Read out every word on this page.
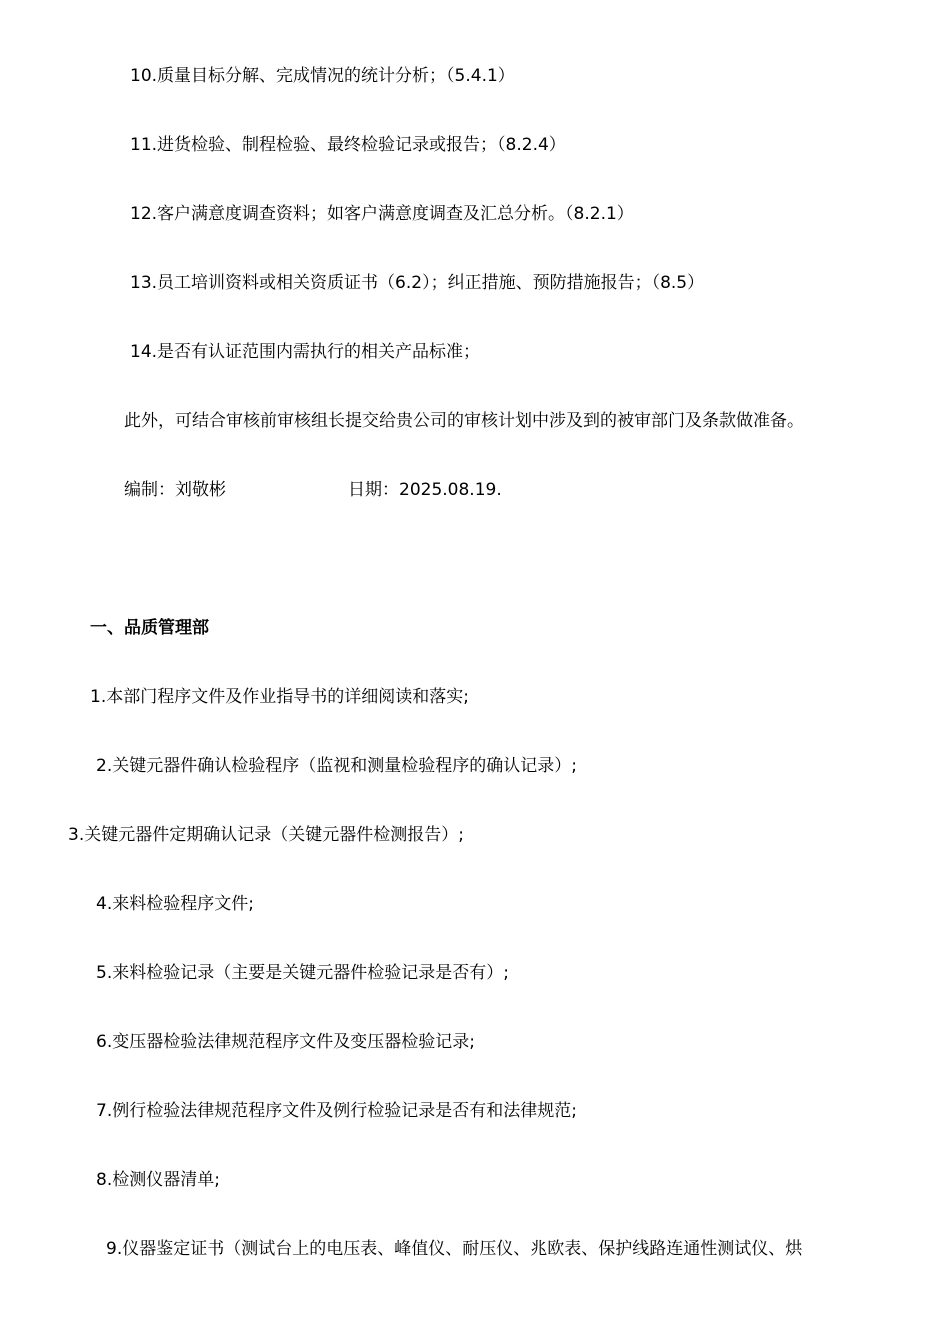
10.质量目标分解、完成情况的统计分析；（5.4.1）
11.进货检验、制程检验、最终检验记录或报告；（8.2.4）
12.客户满意度调查资料；如客户满意度调查及汇总分析。（8.2.1）
13.员工培训资料或相关资质证书（6.2）；纠正措施、预防措施报告；（8.5）
14.是否有认证范围内需执行的相关产品标准；
此外，可结合审核前审核组长提交给贵公司的审核计划中涉及到的被审部门及条款做准备。
编制：刘敬彬	日期：2025.08.19.
一、品质管理部
1.本部门程序文件及作业指导书的详细阅读和落实;
2.关键元器件确认检验程序（监视和测量检验程序的确认记录）;
3.关键元器件定期确认记录（关键元器件检测报告）;
4.来料检验程序文件;
5.来料检验记录（主要是关键元器件检验记录是否有）;
6.变压器检验法律规范程序文件及变压器检验记录;
7.例行检验法律规范程序文件及例行检验记录是否有和法律规范;
8.检测仪器清单;
9.仪器鉴定证书（测试台上的电压表、峰值仪、耐压仪、兆欧表、保护线路连通性测试仪、烘
